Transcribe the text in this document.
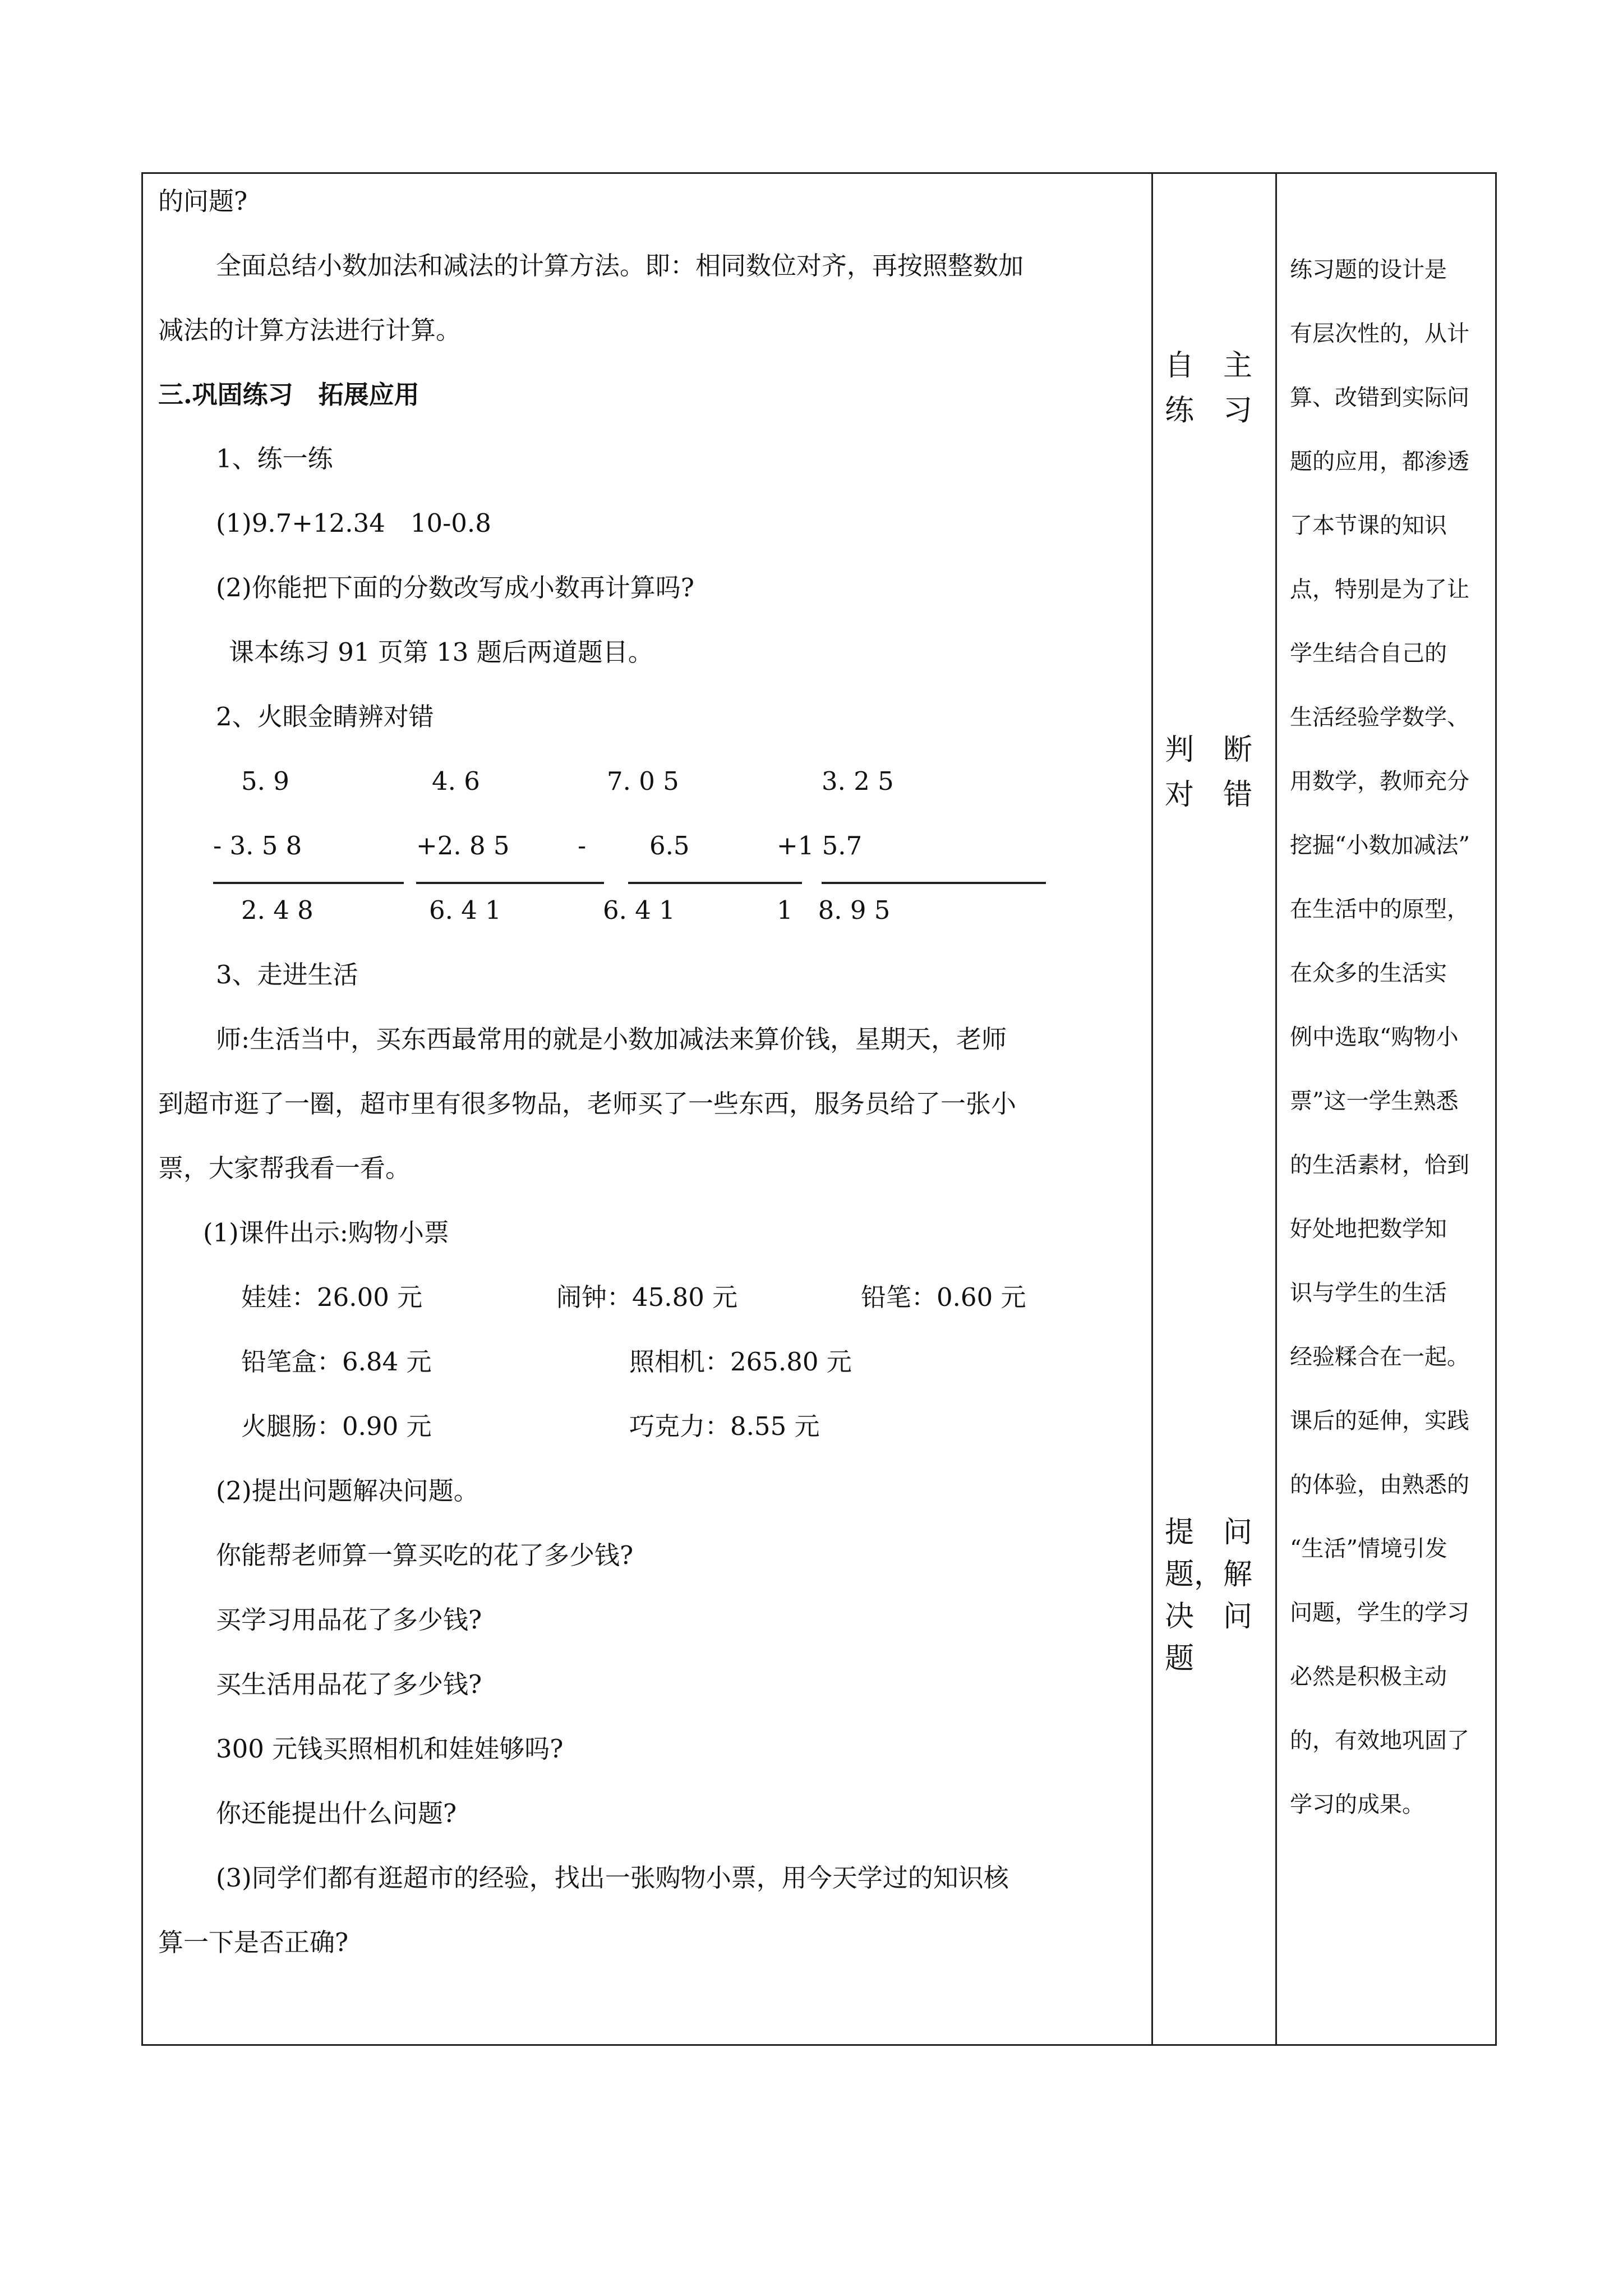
的问题?
全面总结小数加法和减法的计算方法。即：相同数位对齐，再按照整数加
减法的计算方法进行计算。
三.巩固练习　拓展应用
1、练一练
(1)9.7+12.34　10-0.8
(2)你能把下面的分数改写成小数再计算吗?
课本练习 91 页第 13 题后两道题目。
2、火眼金睛辨对错
5. 9	4. 6	7. 0 5	3. 2 5
- 3. 5 8	+2. 8 5	-	6.5	+1 5.7
2. 4 8	6. 4 1	6. 4 1	1　8. 9 5
3、走进生活
师:生活当中，买东西最常用的就是小数加减法来算价钱，星期天，老师
到超市逛了一圈，超市里有很多物品，老师买了一些东西，服务员给了一张小
票，大家帮我看一看。
(1)课件出示:购物小票
娃娃：26.00 元	闹钟：45.80 元	铅笔：0.60 元
铅笔盒：6.84 元	照相机：265.80 元
火腿肠：0.90 元	巧克力：8.55 元
(2)提出问题解决问题。
你能帮老师算一算买吃的花了多少钱?
买学习用品花了多少钱?
买生活用品花了多少钱?
300 元钱买照相机和娃娃够吗?
你还能提出什么问题?
(3)同学们都有逛超市的经验，找出一张购物小票，用今天学过的知识核
算一下是否正确?
自　主
练　习
判　断
对　错
提　问
题，解
决　问
题
练习题的设计是
有层次性的，从计
算、改错到实际问
题的应用，都渗透
了本节课的知识
点，特别是为了让
学生结合自己的
生活经验学数学、
用数学，教师充分
挖掘“小数加减法”
在生活中的原型，
在众多的生活实
例中选取“购物小
票”这一学生熟悉
的生活素材，恰到
好处地把数学知
识与学生的生活
经验糅合在一起。
课后的延伸，实践
的体验，由熟悉的
“生活”情境引发
问题，学生的学习
必然是积极主动
的，有效地巩固了
学习的成果。
